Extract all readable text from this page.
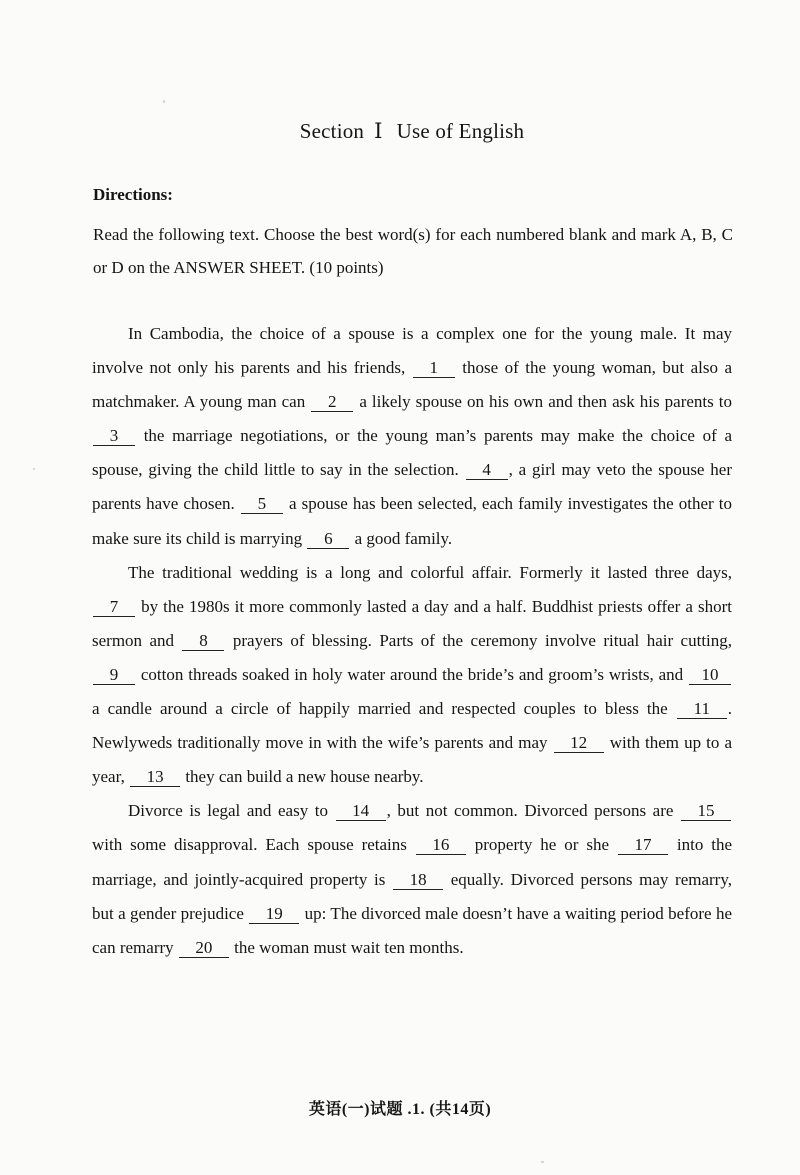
Section Ⅰ Use of English
Directions:
Read the following text. Choose the best word(s) for each numbered blank and mark A, B, C or D on the ANSWER SHEET. (10 points)

In Cambodia, the choice of a spouse is a complex one for the young male. It may involve not only his parents and his friends, 1 those of the young woman, but also a matchmaker. A young man can 2 a likely spouse on his own and then ask his parents to 3 the marriage negotiations, or the young man’s parents may make the choice of a spouse, giving the child little to say in the selection. 4 , a girl may veto the spouse her parents have chosen. 5 a spouse has been selected, each family investigates the other to make sure its child is marrying 6 a good family.

The traditional wedding is a long and colorful affair. Formerly it lasted three days, 7 by the 1980s it more commonly lasted a day and a half. Buddhist priests offer a short sermon and 8 prayers of blessing. Parts of the ceremony involve ritual hair cutting, 9 cotton threads soaked in holy water around the bride’s and groom’s wrists, and 10 a candle around a circle of happily married and respected couples to bless the 11 . Newlyweds traditionally move in with the wife’s parents and may 12 with them up to a year, 13 they can build a new house nearby.

Divorce is legal and easy to 14 , but not common. Divorced persons are 15 with some disapproval. Each spouse retains 16 property he or she 17 into the marriage, and jointly-acquired property is 18 equally. Divorced persons may remarry, but a gender prejudice 19 up: The divorced male doesn’t have a waiting period before he can remarry 20 the woman must wait ten months.

英语(一)试题 .1. (共14页)
